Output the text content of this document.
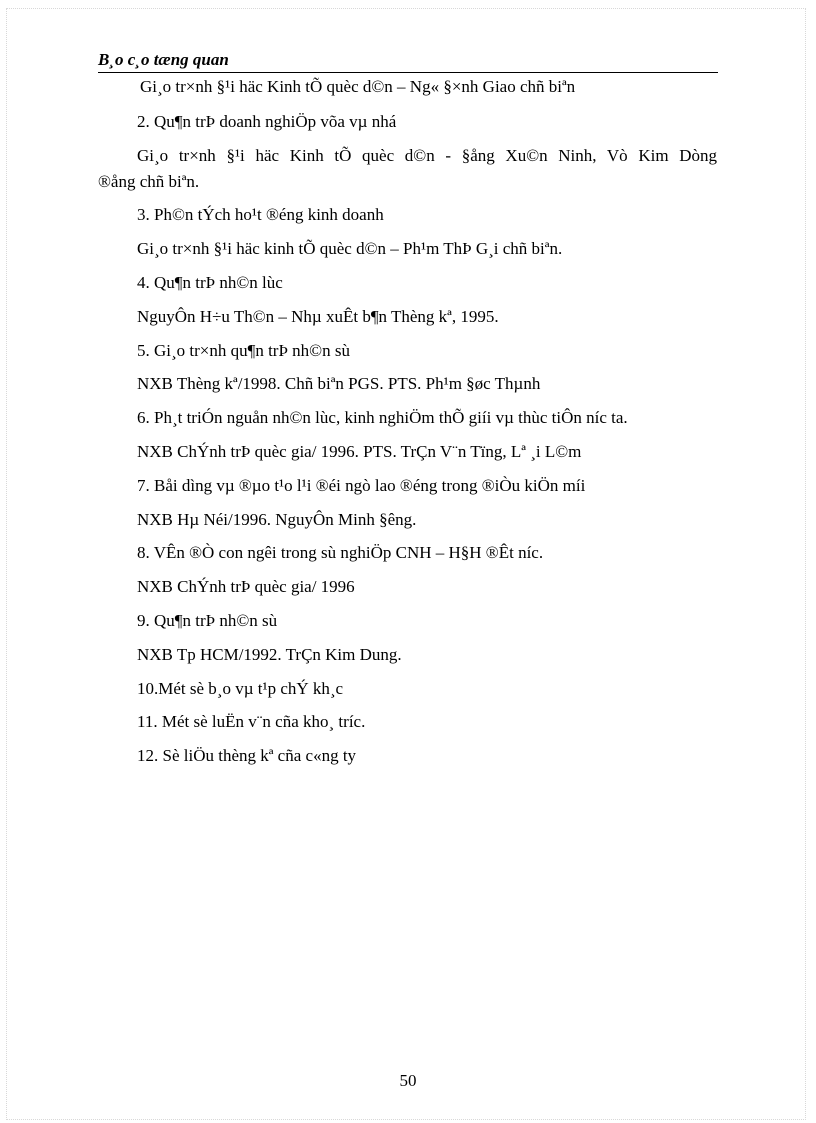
B¸o c¸o tæng quan
Gi¸o tr×nh §¹i häc Kinh tÕ quèc d©n – Ng« §×nh Giao chñ biªn
2. Qu¶n trÞ doanh nghiÖp võa vµ nhá
Gi¸o tr×nh §¹i häc Kinh tÕ quèc d©n - §ång Xu©n Ninh, Vò Kim Dòng
®ång chñ biªn.
3. Ph©n tÝch ho¹t ®éng kinh doanh
Gi¸o tr×nh §¹i häc kinh tÕ quèc d©n – Ph¹m ThÞ G¸i chñ biªn.
4. Qu¶n trÞ nh©n lùc
NguyÔn H÷u Th©n – Nhµ xuÊt b¶n Thèng kª, 1995.
5. Gi¸o tr×nh qu¶n trÞ nh©n sù
NXB Thèng kª/1998. Chñ biªn PGS. PTS. Ph¹m §øc Thµnh
6. Ph¸t triÓn nguån nh©n lùc, kinh nghiÖm thÕ giíi vµ thùc tiÔn níc ta.
NXB ChÝnh trÞ quèc gia/ 1996. PTS. TrÇn V¨n Tïng, Lª ¸i L©m
7. Båi dìng vµ ®µo t¹o l¹i ®éi ngò lao ®éng trong ®iÒu kiÖn míi
NXB Hµ Néi/1996. NguyÔn Minh §êng.
8. VÊn ®Ò con ngêi trong sù nghiÖp CNH – H§H ®Êt níc.
NXB ChÝnh trÞ quèc gia/ 1996
9. Qu¶n trÞ nh©n sù
NXB Tp HCM/1992. TrÇn Kim Dung.
10.Mét sè b¸o vµ t¹p chÝ kh¸c
11. Mét sè luËn v¨n cña kho¸ tríc.
12. Sè liÖu thèng kª cña c«ng ty
50
